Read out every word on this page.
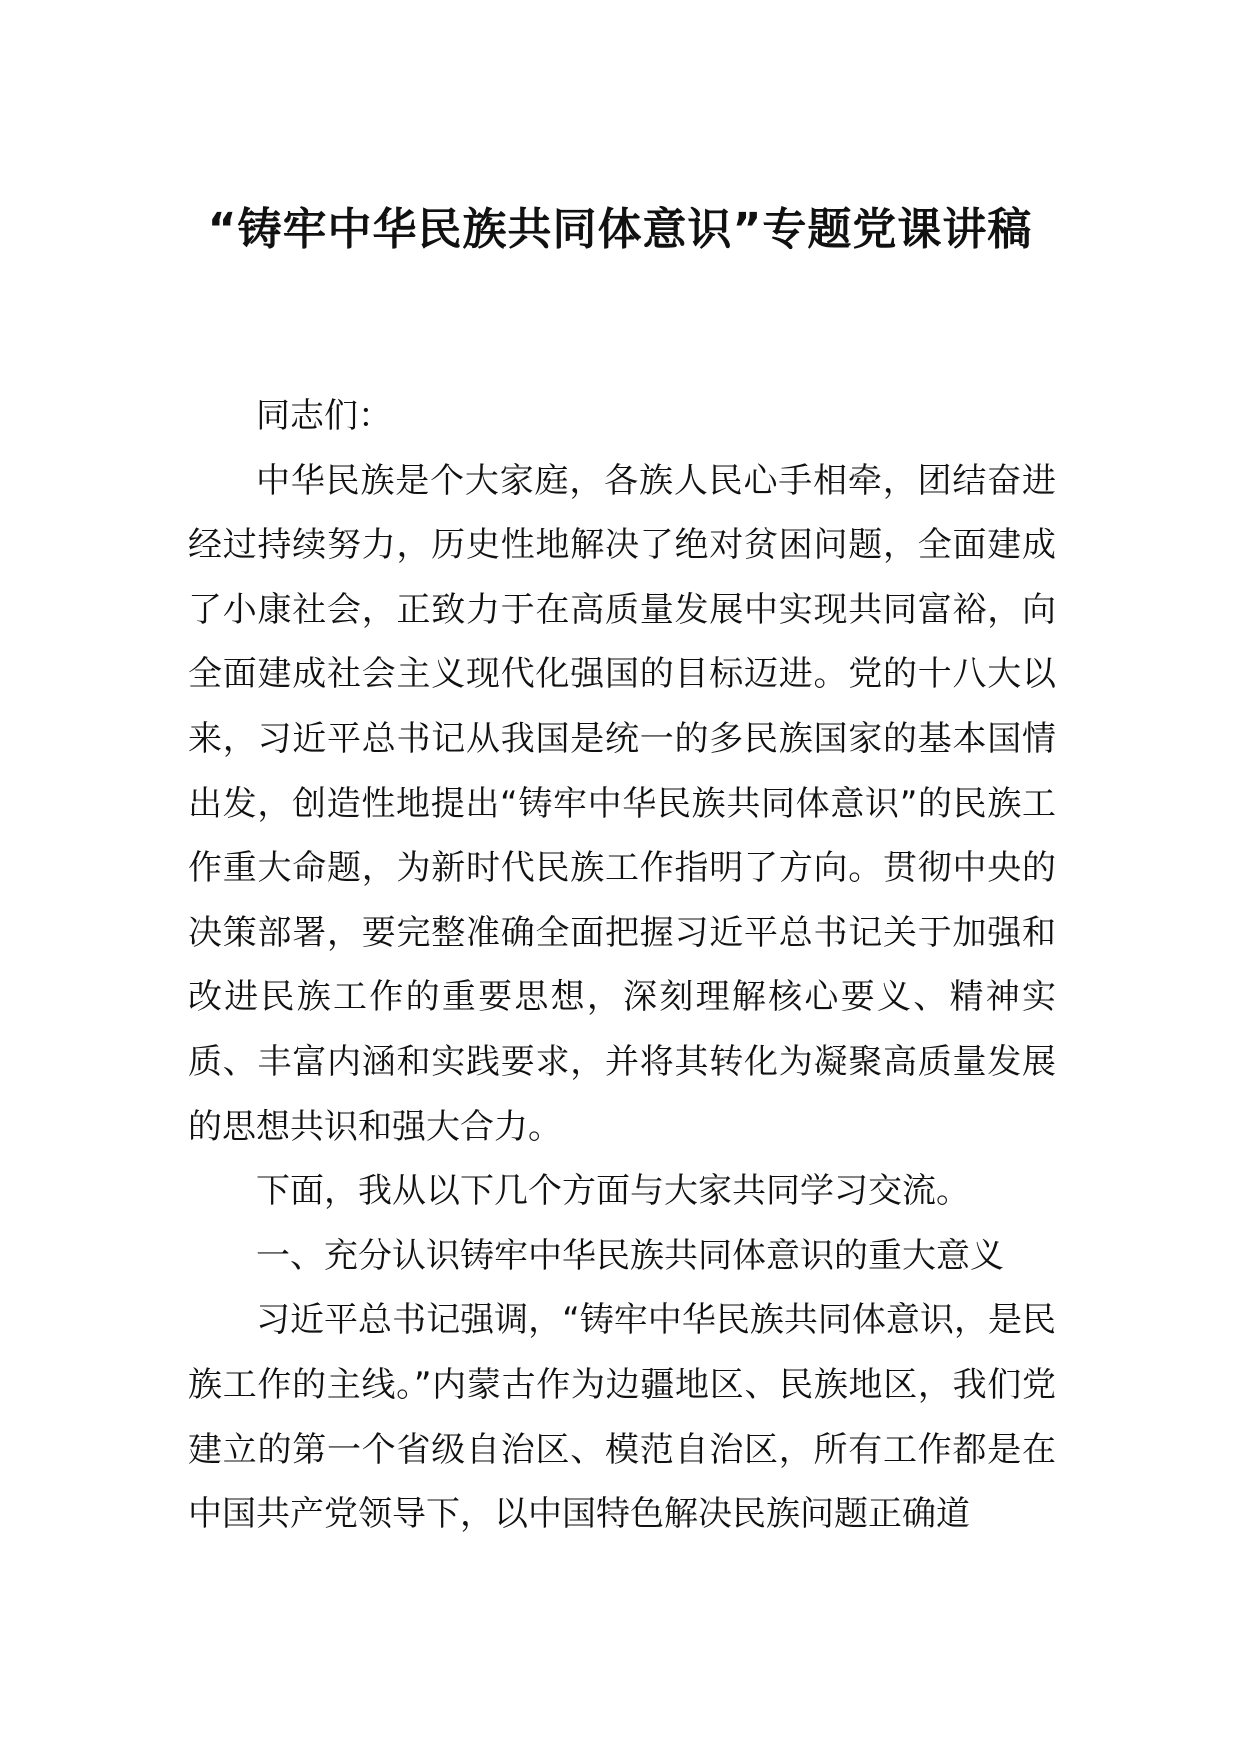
“铸牢中华民族共同体意识”专题党课讲稿

同志们：

中华民族是个大家庭，各族人民心手相牵，团结奋进经过持续努力，历史性地解决了绝对贫困问题，全面建成了小康社会，正致力于在高质量发展中实现共同富裕，向全面建成社会主义现代化强国的目标迈进。党的十八大以来，习近平总书记从我国是统一的多民族国家的基本国情出发，创造性地提出“铸牢中华民族共同体意识”的民族工作重大命题，为新时代民族工作指明了方向。贯彻中央的决策部署，要完整准确全面把握习近平总书记关于加强和改进民族工作的重要思想，深刻理解核心要义、精神实质、丰富内涵和实践要求，并将其转化为凝聚高质量发展的思想共识和强大合力。

下面，我从以下几个方面与大家共同学习交流。

一、充分认识铸牢中华民族共同体意识的重大意义

习近平总书记强调，“铸牢中华民族共同体意识，是民族工作的主线。”内蒙古作为边疆地区、民族地区，我们党建立的第一个省级自治区、模范自治区，所有工作都是在中国共产党领导下，以中国特色解决民族问题正确道
